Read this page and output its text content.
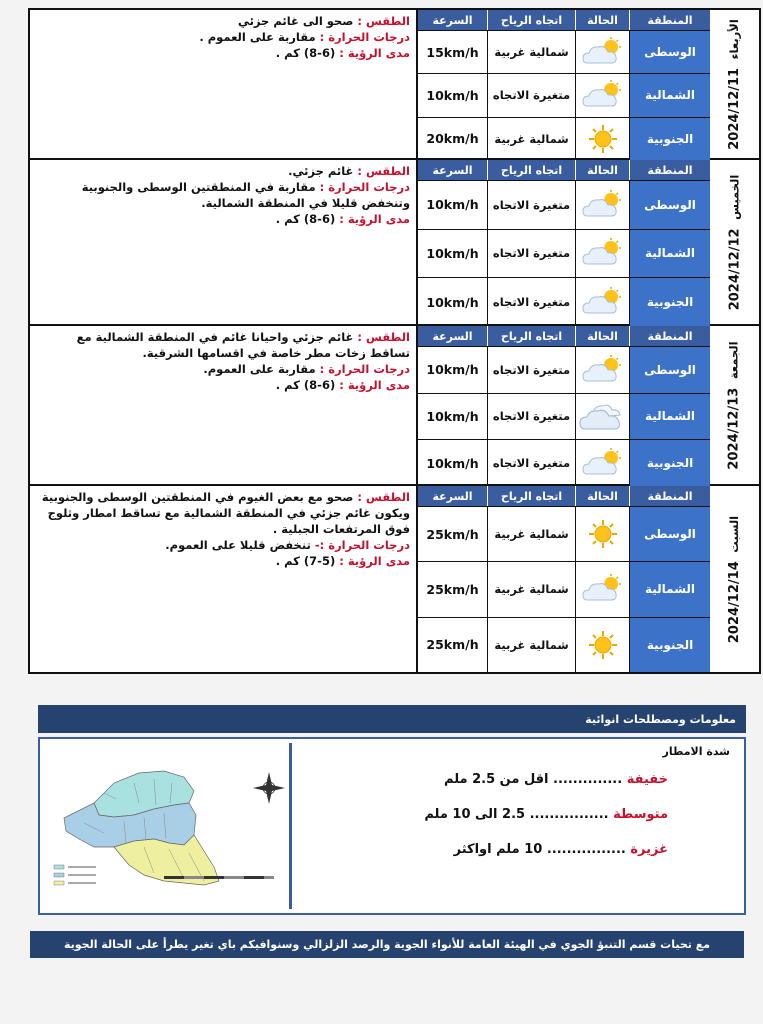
الطقس : صحو الى غائم جزئي
درجات الحرارة : مقاربة على العموم .
مدى الرؤية : (6-8) كم .
السرعة	اتجاه الرياح	الحالة	المنطقة
15km/h	شمالية غربية	الوسطى
10km/h	متغيرة الاتجاه	الشمالية
20km/h	شمالية غربية	الجنوبية
الأربعاء 2024/12/11
الطقس : غائم جزئي.
درجات الحرارة : مقاربة في المنطقتين الوسطى والجنوبية وتنخفض قليلا في المنطقة الشمالية.
مدى الرؤية : (6-8) كم .
السرعة	اتجاه الرياح	الحالة	المنطقة
10km/h	متغيرة الاتجاه	الوسطى
10km/h	متغيرة الاتجاه	الشمالية
10km/h	متغيرة الاتجاه	الجنوبية
الخميس 2024/12/12
الطقس : غائم جزئي واحيانا غائم في المنطقة الشمالية مع تساقط زخات مطر خاصة في اقسامها الشرقية.
درجات الحرارة : مقاربة على العموم.
مدى الرؤية : (6-8) كم .
السرعة	اتجاه الرياح	الحالة	المنطقة
10km/h	متغيرة الاتجاه	الوسطى
10km/h	متغيرة الاتجاه	الشمالية
10km/h	متغيرة الاتجاه	الجنوبية
الجمعة 2024/12/13
الطقس : صحو مع بعض الغيوم في المنطقتين الوسطى والجنوبية ويكون غائم جزئي في المنطقة الشمالية مع تساقط امطار وثلوج فوق المرتفعات الجبلية .
درجات الحرارة :- تنخفض قليلا على العموم.
مدى الرؤية : (5-7) كم .
السرعة	اتجاه الرياح	الحالة	المنطقة
25km/h	شمالية غربية	الوسطى
25km/h	شمالية غربية	الشمالية
25km/h	شمالية غربية	الجنوبية
السبت 2024/12/14
معلومات ومصطلحات انوائية
شدة الامطار
خفيفة .............. اقل من 2.5 ملم
متوسطة ................ 2.5 الى 10 ملم
غزيرة ................ 10 ملم اواكثر
مع تحيات قسم التنبؤ الجوي في الهيئة العامة للأنواء الجوية والرصد الزلزالي وسنوافيكم باي تغير يطرأ على الحالة الجوية
